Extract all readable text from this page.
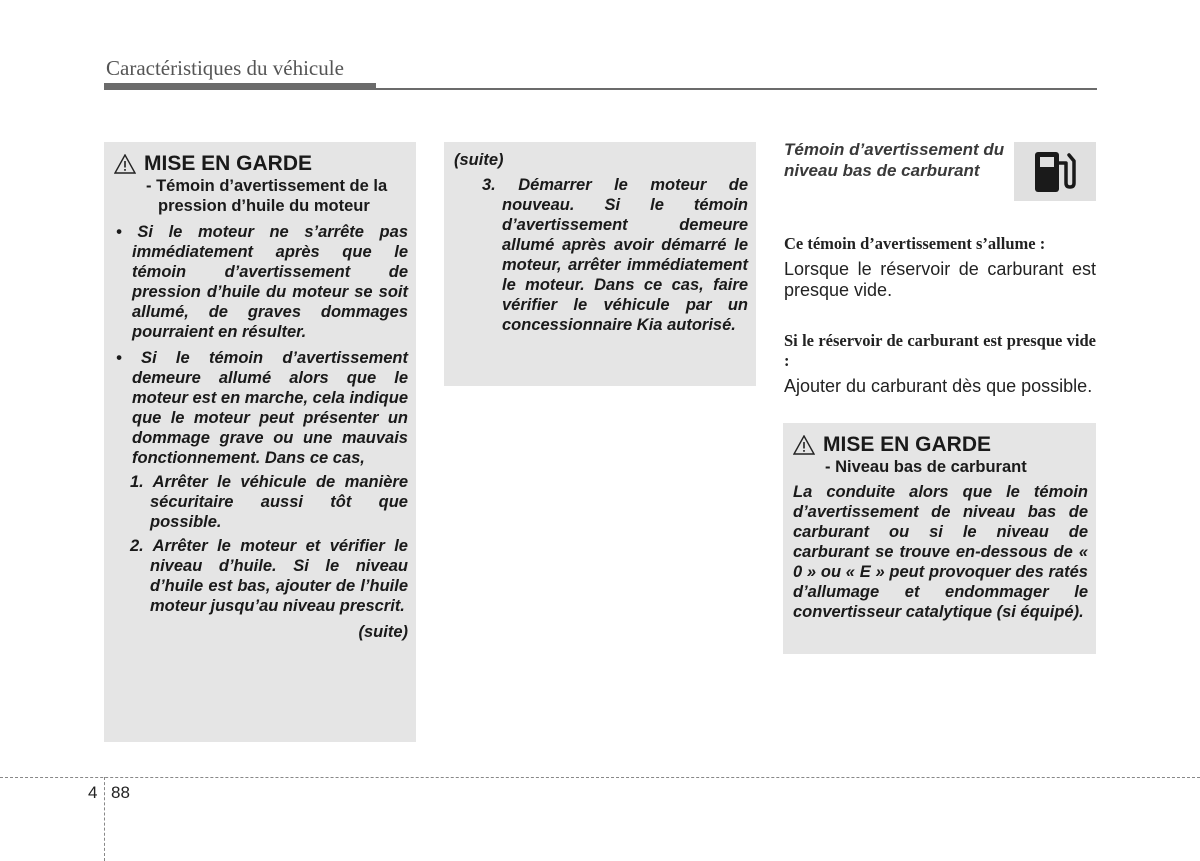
Caractéristiques du véhicule
MISE EN GARDE
- Témoin d’avertissement de la pression d’huile du moteur
• Si le moteur ne s’arrête pas immédiatement après que le témoin d’avertissement de pression d’huile du moteur se soit allumé, de graves dommages pourraient en résulter.
• Si le témoin d’avertissement demeure allumé alors que le moteur est en marche, cela indique que le moteur peut présenter un dommage grave ou une mauvais fonctionnement. Dans ce cas,
1. Arrêter le véhicule de manière sécuritaire aussi tôt que possible.
2. Arrêter le moteur et vérifier le niveau d’huile. Si le niveau d’huile est bas, ajouter de l’huile moteur jusqu’au niveau prescrit.
(suite)
(suite)
3. Démarrer le moteur de nouveau. Si le témoin d’avertissement demeure allumé après avoir démarré le moteur, arrêter immédiatement le moteur. Dans ce cas, faire vérifier le véhicule par un concessionnaire Kia autorisé.
Témoin d’avertissement du niveau bas de carburant
Ce témoin d’avertissement s’allume :
Lorsque le réservoir de carburant est presque vide.
Si le réservoir de carburant est presque vide :
Ajouter du carburant dès que possible.
MISE EN GARDE
- Niveau bas de carburant
La conduite alors que le témoin d’avertissement de niveau bas de carburant ou si le niveau de carburant se trouve en-dessous de « 0 » ou « E » peut provoquer des ratés d’allumage et endommager le convertisseur catalytique (si équipé).
4 88
